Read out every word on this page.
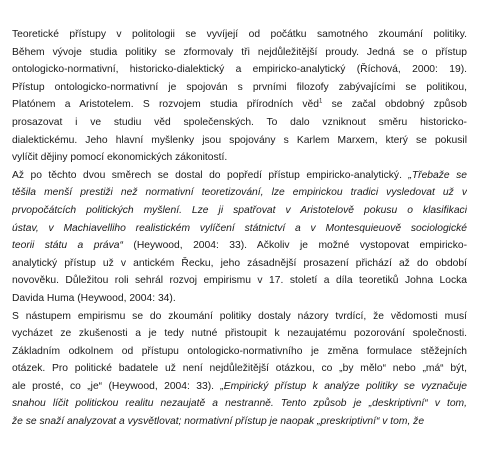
Teoretické přístupy v politologii se vyvíjejí od počátku samotného zkoumání politiky.
Během vývoje studia politiky se zformovaly tři nejdůležitější proudy. Jedná se o přístup
ontologicko-normativní, historicko-dialektický a empiricko-analytický (Říchová, 2000: 19).
Přístup ontologicko-normativní je spojován s prvními filozofy zabývajícími se politikou,
Platónem a Aristotelem. S rozvojem studia přírodních věd$^1$ se začal obdobný způsob
prosazovat i ve studiu věd společenských. To dalo vzniknout směru historicko-
dialektickému. Jeho hlavní myšlenky jsou spojovány s Karlem Marxem, který se pokusil
vylíčit dějiny pomocí ekonomických zákonitostí.

Až po těchto dvou směrech se dostal do popředí přístup empiricko-analytický. „Třebaže se
těšila menší prestiži než normativní teoretizování, lze empirickou tradici vysledovat už v
prvopočátcích politických myšlení. Lze ji spatřovat v Aristotelově pokusu o klasifikaci
ústav, v Machiavelliho realistickém vylíčení státnictví a v Montesquieuově sociologické
teorii státu a práva“ (Heywood, 2004: 33). Ačkoliv je možné vystopovat empiricko-
analytický přístup už v antickém Řecku, jeho zásadnější prosazení přichází až do období
novověku. Důležitou roli sehrál rozvoj empirismu v 17. století a díla teoretiků Johna Locka
Davida Huma (Heywood, 2004: 34).

S nástupem empirismu se do zkoumání politiky dostaly názory tvrdící, že vědomosti musí
vycházet ze zkušenosti a je tedy nutné přistoupit k nezaujatému pozorování společnosti.
Základním odkolnem od přístupu ontologicko-normativního je změna formulace stěžejních
otázek. Pro politické badatele už není nejdůležitější otázkou, co „by mělo“ nebo „má“ být,
ale prosté, co „je“ (Heywood, 2004: 33). „Empirický přístup k analýze politiky se vyznačuje
snahou líčit politickou realitu nezaujatě a nestranně. Tento způsob je „deskriptivní“ v tom,
že se snaží analyzovat a vysvětlovat; normativní přístup je naopak „preskriptivní“ v tom, že
